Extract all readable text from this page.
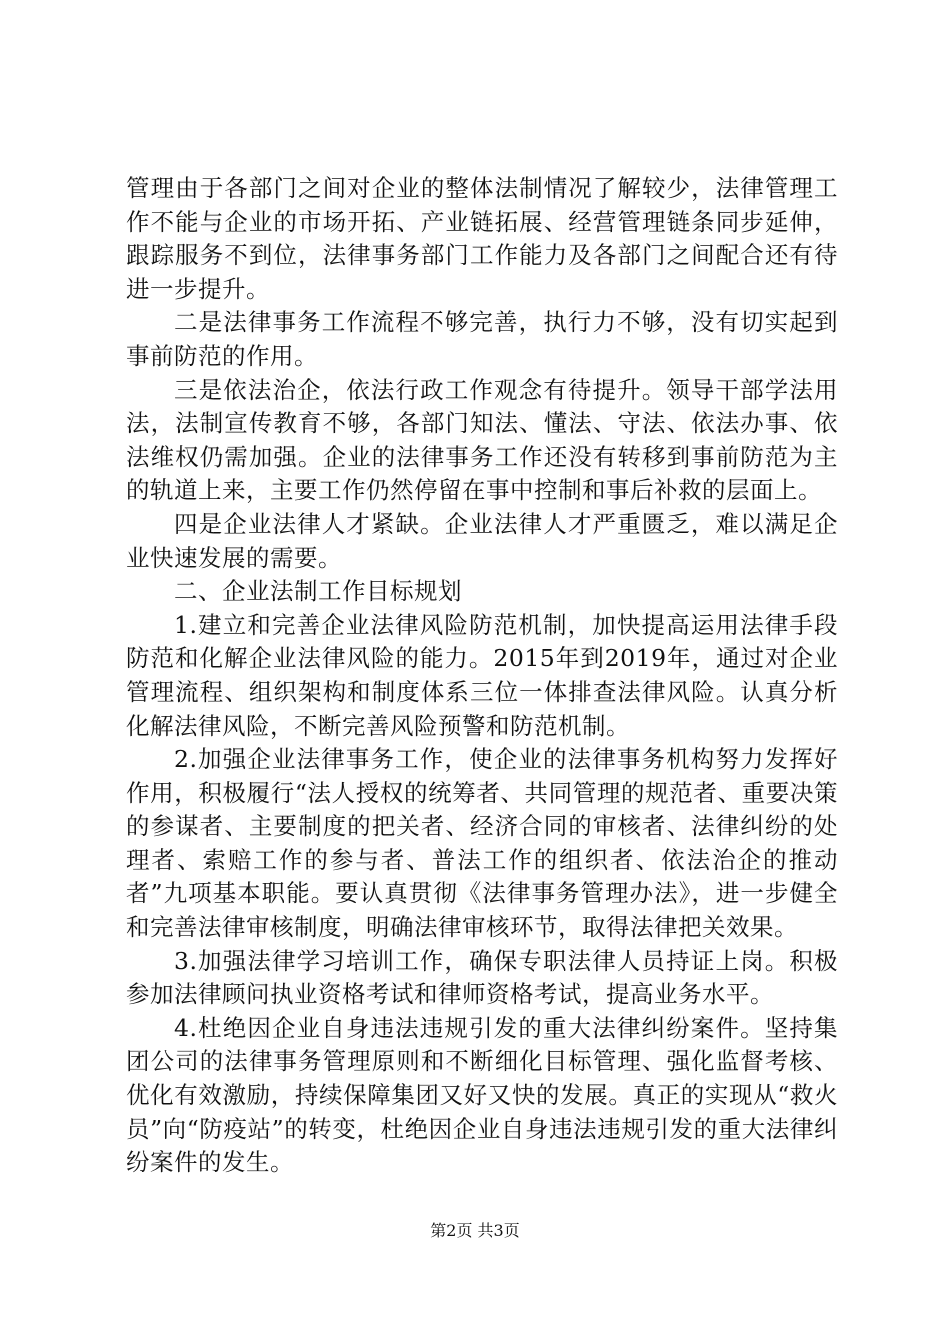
管理由于各部门之间对企业的整体法制情况了解较少，法律管理工作不能与企业的市场开拓、产业链拓展、经营管理链条同步延伸，跟踪服务不到位，法律事务部门工作能力及各部门之间配合还有待进一步提升。

二是法律事务工作流程不够完善，执行力不够，没有切实起到事前防范的作用。

三是依法治企，依法行政工作观念有待提升。领导干部学法用法，法制宣传教育不够，各部门知法、懂法、守法、依法办事、依法维权仍需加强。企业的法律事务工作还没有转移到事前防范为主的轨道上来，主要工作仍然停留在事中控制和事后补救的层面上。

四是企业法律人才紧缺。企业法律人才严重匮乏，难以满足企业快速发展的需要。

二、企业法制工作目标规划

1.建立和完善企业法律风险防范机制，加快提高运用法律手段防范和化解企业法律风险的能力。2015年到2019年，通过对企业管理流程、组织架构和制度体系三位一体排查法律风险。认真分析化解法律风险，不断完善风险预警和防范机制。

2.加强企业法律事务工作，使企业的法律事务机构努力发挥好作用，积极履行“法人授权的统筹者、共同管理的规范者、重要决策的参谋者、主要制度的把关者、经济合同的审核者、法律纠纷的处理者、索赔工作的参与者、普法工作的组织者、依法治企的推动者”九项基本职能。要认真贯彻《法律事务管理办法》，进一步健全和完善法律审核制度，明确法律审核环节，取得法律把关效果。

3.加强法律学习培训工作，确保专职法律人员持证上岗。积极参加法律顾问执业资格考试和律师资格考试，提高业务水平。

4.杜绝因企业自身违法违规引发的重大法律纠纷案件。坚持集团公司的法律事务管理原则和不断细化目标管理、强化监督考核、优化有效激励，持续保障集团又好又快的发展。真正的实现从“救火员”向“防疫站”的转变，杜绝因企业自身违法违规引发的重大法律纠纷案件的发生。

第2页 共3页
